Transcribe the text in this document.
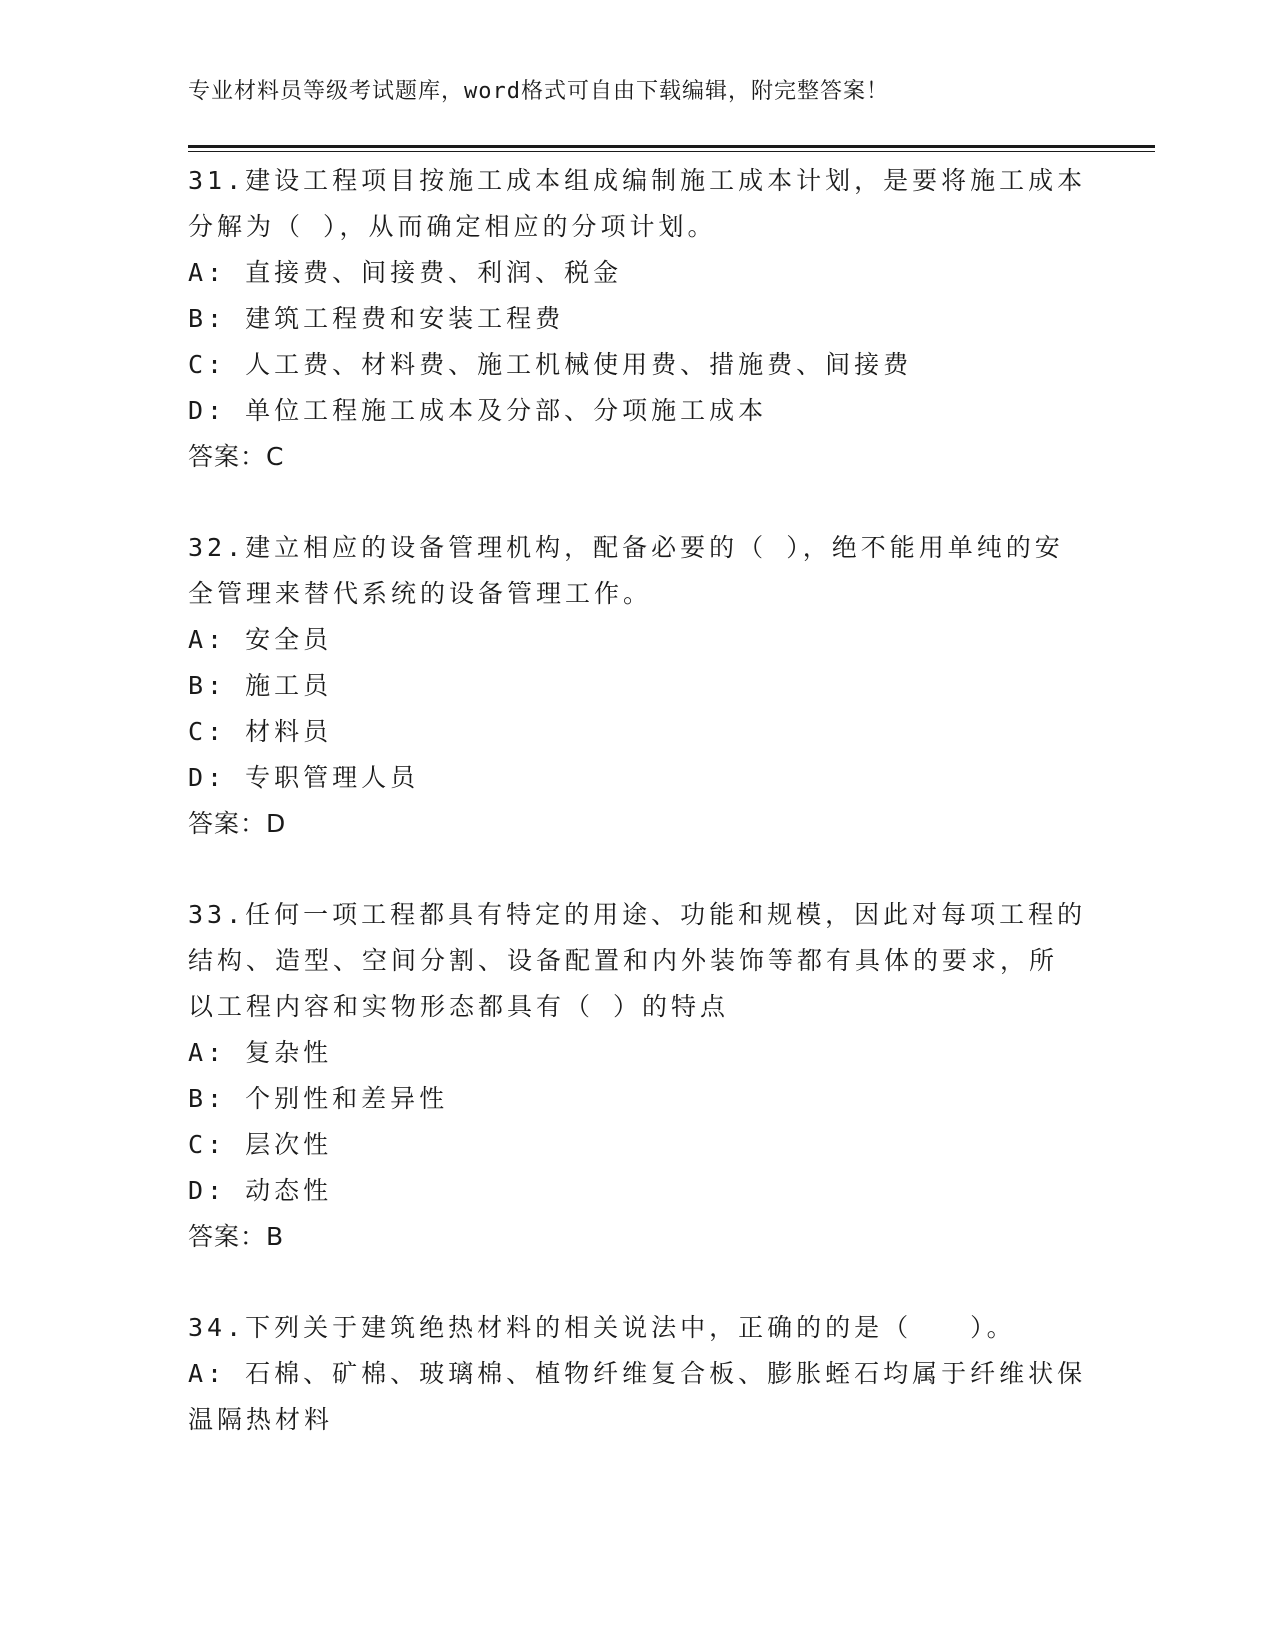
专业材料员等级考试题库，word格式可自由下载编辑，附完整答案！
31.建设工程项目按施工成本组成编制施工成本计划，是要将施工成本
分解为（ ），从而确定相应的分项计划。
A: 直接费、间接费、利润、税金
B: 建筑工程费和安装工程费
C: 人工费、材料费、施工机械使用费、措施费、间接费
D: 单位工程施工成本及分部、分项施工成本
答案：C
32.建立相应的设备管理机构，配备必要的（ ），绝不能用单纯的安
全管理来替代系统的设备管理工作。
A: 安全员
B: 施工员
C: 材料员
D: 专职管理人员
答案：D
33.任何一项工程都具有特定的用途、功能和规模，因此对每项工程的
结构、造型、空间分割、设备配置和内外装饰等都有具体的要求，所
以工程内容和实物形态都具有（ ）的特点
A: 复杂性
B: 个别性和差异性
C: 层次性
D: 动态性
答案：B
34.下列关于建筑绝热材料的相关说法中，正确的的是（　　）。
A: 石棉、矿棉、玻璃棉、植物纤维复合板、膨胀蛭石均属于纤维状保
温隔热材料
